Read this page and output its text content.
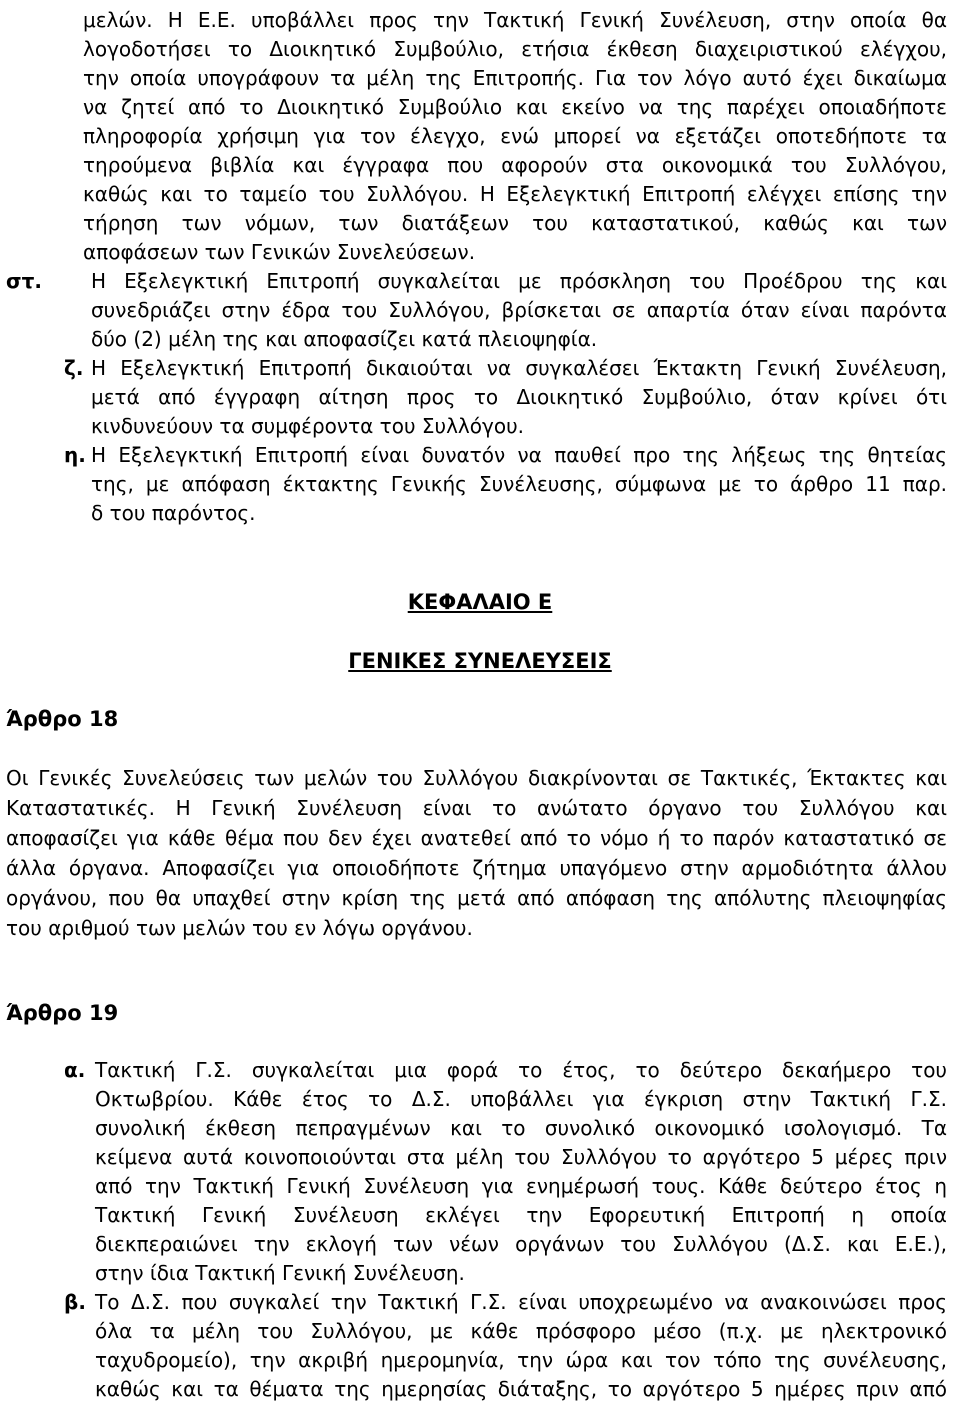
μελών. Η Ε.Ε. υποβάλλει προς την Τακτική Γενική Συνέλευση, στην οποία θα
λογοδοτήσει το Διοικητικό Συμβούλιο, ετήσια έκθεση διαχειριστικού ελέγχου,
την οποία υπογράφουν τα μέλη της Επιτροπής. Για τον λόγο αυτό έχει δικαίωμα
να ζητεί από το Διοικητικό Συμβούλιο και εκείνο να της παρέχει οποιαδήποτε
πληροφορία χρήσιμη για τον έλεγχο, ενώ μπορεί να εξετάζει οποτεδήποτε τα
τηρούμενα βιβλία και έγγραφα που αφορούν στα οικονομικά του Συλλόγου,
καθώς και το ταμείο του Συλλόγου. Η Εξελεγκτική Επιτροπή ελέγχει επίσης την
τήρηση των νόμων, των διατάξεων του καταστατικού, καθώς και των
αποφάσεων των Γενικών Συνελεύσεων.
στ. Η Εξελεγκτική Επιτροπή συγκαλείται με πρόσκληση του Προέδρου της και
συνεδριάζει στην έδρα του Συλλόγου, βρίσκεται σε απαρτία όταν είναι παρόντα
δύο (2) μέλη της και αποφασίζει κατά πλειοψηφία.
ζ. Η Εξελεγκτική Επιτροπή δικαιούται να συγκαλέσει Έκτακτη Γενική Συνέλευση,
μετά από έγγραφη αίτηση προς το Διοικητικό Συμβούλιο, όταν κρίνει ότι
κινδυνεύουν τα συμφέροντα του Συλλόγου.
η. Η Εξελεγκτική Επιτροπή είναι δυνατόν να παυθεί προ της λήξεως της θητείας
της, με απόφαση έκτακτης Γενικής Συνέλευσης, σύμφωνα με το άρθρο 11 παρ.
δ του παρόντος.
ΚΕΦΑΛΑΙΟ Ε
ΓΕΝΙΚΕΣ ΣΥΝΕΛΕΥΣΕΙΣ
Άρθρο 18
Οι Γενικές Συνελεύσεις των μελών του Συλλόγου διακρίνονται σε Τακτικές, Έκτακτες και
Καταστατικές. Η Γενική Συνέλευση είναι το ανώτατο όργανο του Συλλόγου και
αποφασίζει για κάθε θέμα που δεν έχει ανατεθεί από το νόμο ή το παρόν καταστατικό σε
άλλα όργανα. Αποφασίζει για οποιοδήποτε ζήτημα υπαγόμενο στην αρμοδιότητα άλλου
οργάνου, που θα υπαχθεί στην κρίση της μετά από απόφαση της απόλυτης πλειοψηφίας
του αριθμού των μελών του εν λόγω οργάνου.
Άρθρο 19
α. Τακτική Γ.Σ. συγκαλείται μια φορά το έτος, το δεύτερο δεκαήμερο του
Οκτωβρίου. Κάθε έτος το Δ.Σ. υποβάλλει για έγκριση στην Τακτική Γ.Σ.
συνολική έκθεση πεπραγμένων και το συνολικό οικονομικό ισολογισμό. Τα
κείμενα αυτά κοινοποιούνται στα μέλη του Συλλόγου το αργότερο 5 μέρες πριν
από την Τακτική Γενική Συνέλευση για ενημέρωσή τους. Κάθε δεύτερο έτος η
Τακτική Γενική Συνέλευση εκλέγει την Εφορευτική Επιτροπή η οποία
διεκπεραιώνει την εκλογή των νέων οργάνων του Συλλόγου (Δ.Σ. και Ε.Ε.),
στην ίδια Τακτική Γενική Συνέλευση.
β. Το Δ.Σ. που συγκαλεί την Τακτική Γ.Σ. είναι υποχρεωμένο να ανακοινώσει προς
όλα τα μέλη του Συλλόγου, με κάθε πρόσφορο μέσο (π.χ. με ηλεκτρονικό
ταχυδρομείο), την ακριβή ημερομηνία, την ώρα και τον τόπο της συνέλευσης,
καθώς και τα θέματα της ημερησίας διάταξης, το αργότερο 5 ημέρες πριν από
